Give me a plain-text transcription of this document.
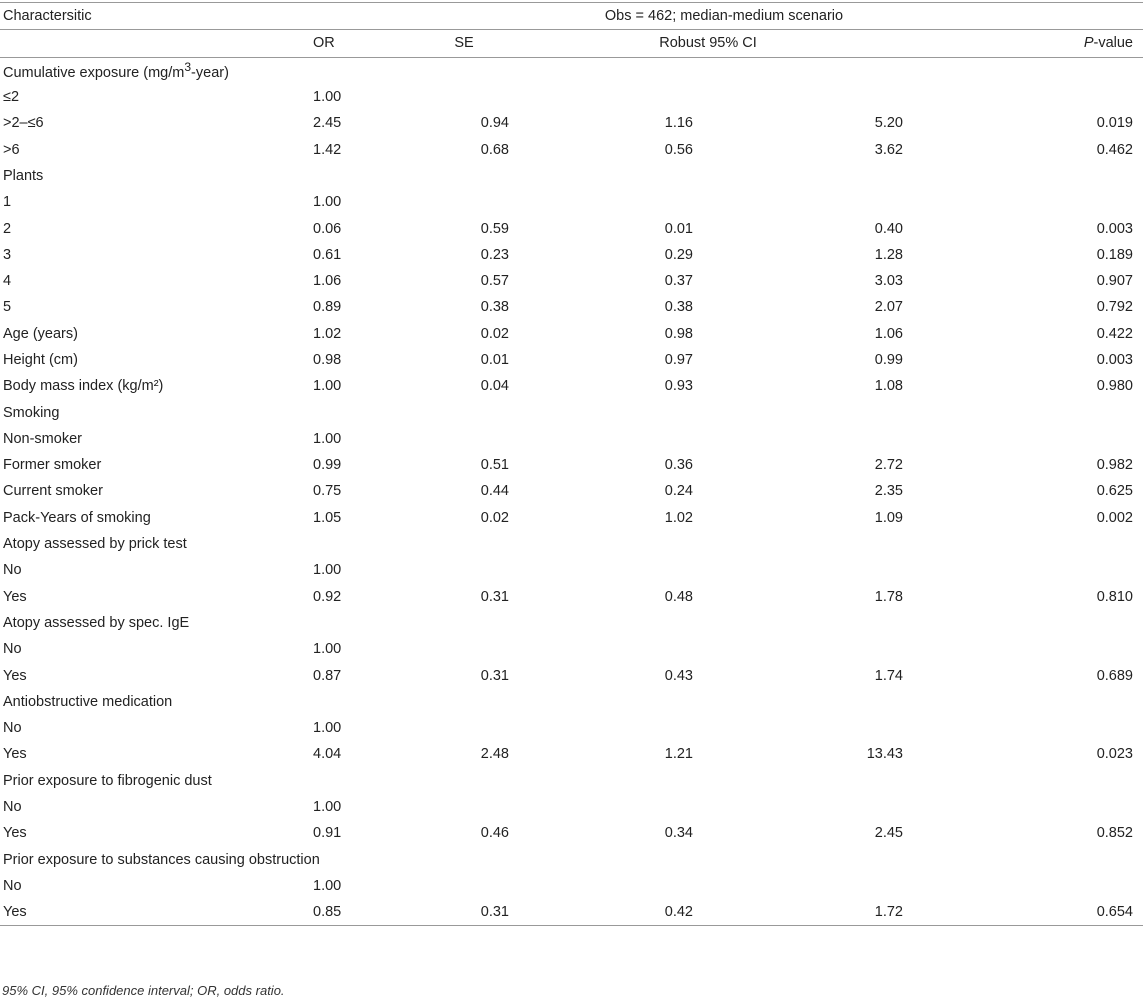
Charactersitic	Obs = 462; median-medium scenario				
	OR	SE	Robust 95% CI		P-value
Cumulative exposure $(mg/m^3-year)$					
≤2	1.00				
>2–≤6	2.45	0.94	1.16	5.20	0.019
>6	1.42	0.68	0.56	3.62	0.462
Plants					
1	1.00				
2	0.06	0.59	0.01	0.40	0.003
3	0.61	0.23	0.29	1.28	0.189
4	1.06	0.57	0.37	3.03	0.907
5	0.89	0.38	0.38	2.07	0.792
Age (years)	1.02	0.02	0.98	1.06	0.422
Height (cm)	0.98	0.01	0.97	0.99	0.003
Body mass index (kg/m²)	1.00	0.04	0.93	1.08	0.980
Smoking					
Non-smoker	1.00				
Former smoker	0.99	0.51	0.36	2.72	0.982
Current smoker	0.75	0.44	0.24	2.35	0.625
Pack-Years of smoking	1.05	0.02	1.02	1.09	0.002
Atopy assessed by prick test					
No	1.00				
Yes	0.92	0.31	0.48	1.78	0.810
Atopy assessed by spec. IgE					
No	1.00				
Yes	0.87	0.31	0.43	1.74	0.689
Antiobstructive medication					
No	1.00				
Yes	4.04	2.48	1.21	13.43	0.023
Prior exposure to fibrogenic dust					
No	1.00				
Yes	0.91	0.46	0.34	2.45	0.852
Prior exposure to substances causing obstruction					
No	1.00				
Yes	0.85	0.31	0.42	1.72	0.654
95% CI, 95% confidence interval; OR, odds ratio.
